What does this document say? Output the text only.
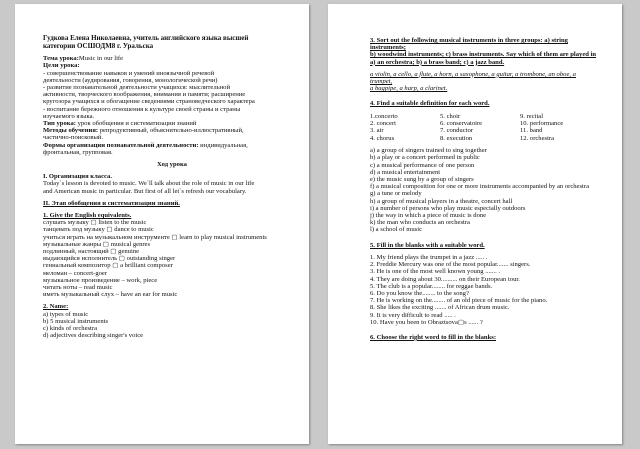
Гудкова Елена Николаевна, учитель английского языка высшей
категории ОСШОДМ8 г. Уральска
Тема урока:Music in our life
Цели урока:
- совершенствование навыков и умений иноязычной речевой
деятельности (аудирования, говорения, монологической речи)
- развитие познавательной деятельности учащихся: мыслительной
активности, творческого воображения, внимания и памяти; расширение
кругозора учащихся и обогащение сведениями страноведческого характера
- воспитание бережного отношения к культуре своей страны и страны
изучаемого языка.
Тип урока: урок обобщения и систематизации знаний
Методы обучения: репродуктивный, объяснительно-иллюстративный,
частично-поисковый.
Формы организации познавательной деятельности: индивидуальная,
фронтальная, групповая.
Ход урока
I. Организация класса.
Today`s lesson is devoted to music. We`ll talk about the role of music in our life
and American music in particular. But first of all let`s refresh our vocabulary.
II. Этап обобщения и систематизации знаний.
1. Give the English equivalents.
слушать музыку ▢ listen to the music
танцевать под музыку ▢ dance to music
учиться играть на музыкальном инструменте ▢ learn to play musical instruments
музыкальные жанры ▢ musical genres
подлинный, настоящий ▢ genuine
выдающийся исполнитель ▢ outstanding singer
гениальный композитор ▢ a brilliant composer
меломан – concert-goer
музыкальное произведение – work, piece
читать ноты – read music
иметь музыкальный слух – have an ear for music
2. Name:
a) types of music
b) 5 musical instruments
c) kinds of orchestra
d) adjectives describing singer's voice
3. Sort out the following musical instruments in three groups: a) string
instruments;
b) woodwind instruments; c) brass instruments. Say which of them are played in
a) an orchestra; b) a brass band; c) a jazz band.
a violin, a cello, a flute, a horn, a saxophone, a guitar, a trombone, an oboe, a
trumpet,
a bagpipe, a harp, a clarinet.
4. Find a suitable definition for each word.
1.concerto	5. choir	9. recital
2. concert	6. conservatoire	10. performance
3. air	7. conductor	11. band
4. chorus	8. execution	12. orchestra
a) a group of singers trained to sing together
b) a play or a concert performed in public
c) a musical performance of one person
d) a musical entertainment
e) the music sung by a group of singers
f) a musical composition for one or more instruments accompanied by an orchestra
g) a tune or melody
h) a group of musical players in a theatre, concert hall
i) a number of persons who play music especially outdoors
j) the way in which a piece of music is done
k) the man who conducts an orchestra
l) a school of music
5. Fill in the blanks with a suitable word.
1. My friend plays the trumpet in a jazz ..... .
2. Freddie Mercury was one of the most popular....... singers.
3. He is one of the most well known young ....... .
4. They are doing about 30.......... on their European tour.
5. The club is a popular........ for reggae bands.
6. Do you know the........ to the song?
7. He is working on the........ of an old piece of music for the piano.
8. She likes the exciting ....... of African drum music.
9. It is very difficult to read ..... .
10. Have you been to Obraztsova▢s ...... ?
6. Choose the right word to fill in the blanks:
